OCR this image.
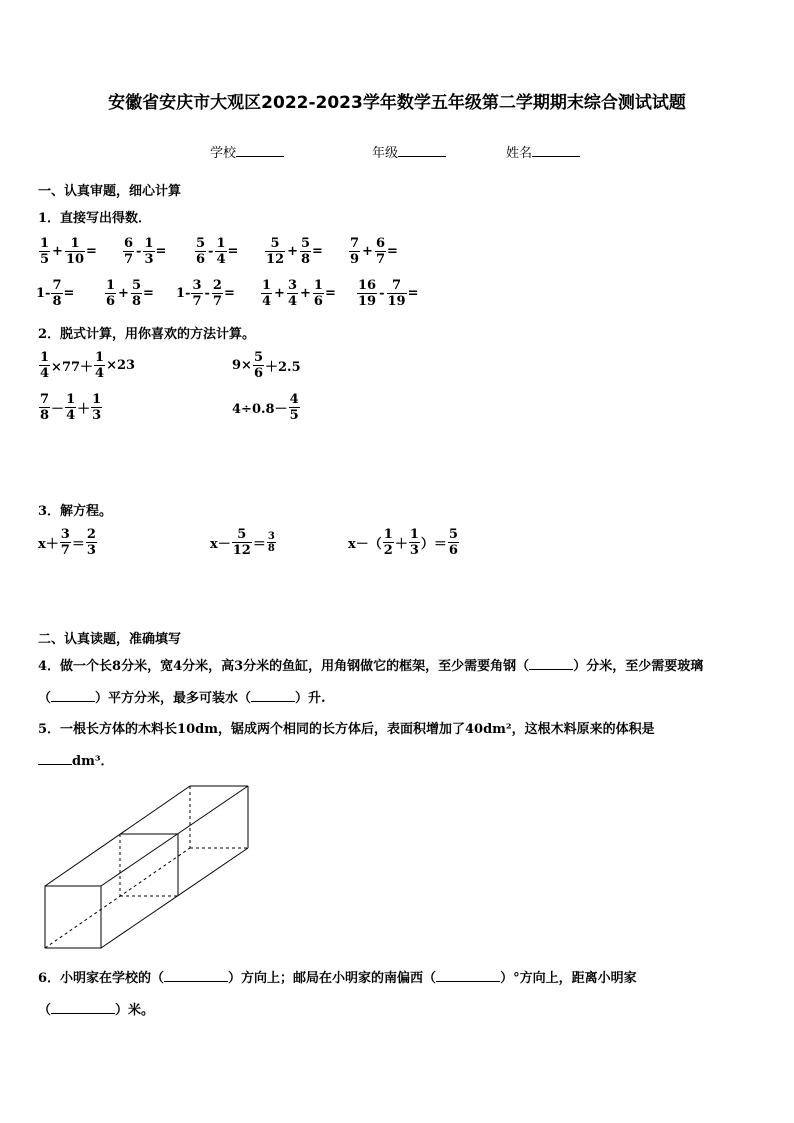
安徽省安庆市大观区2022-2023学年数学五年级第二学期期末综合测试试题
学校	年级	姓名
一、认真审题，细心计算
1．直接写出得数．
$\frac{1}{5} + \frac{1}{10} = \frac{6}{7} - \frac{1}{3} = \frac{5}{6} - \frac{1}{4} = \frac{5}{12} + \frac{5}{8} = \frac{7}{9} + \frac{6}{7}$ =
$1- \frac{7}{8} = \frac{1}{6} + \frac{5}{8} = 1- \frac{3}{7} - \frac{2}{7} = \frac{1}{4} + \frac{3}{4} + \frac{1}{6} = \frac{16}{19} - \frac{7}{19}$ =
2．脱式计算，用你喜欢的方法计算。
$\frac{1}{4} \times 77+ \frac{1}{4} \times 23$	$9\times \frac{5}{6} +2.5$
$\frac{7}{8} - \frac{1}{4} + \frac{1}{3}$	$4\div 0.8- \frac{4}{5}$
3．解方程。
$x+ \frac{3}{7} = \frac{2}{3}$	$x- \frac{5}{12} = \frac{3}{8}$	$x-( \frac{1}{2} + \frac{1}{3}$ ）＝ $\frac{5}{6}$
二、认真读题，准确填写
4．做一个长8分米，宽4分米，高3分米的鱼缸，用角钢做它的框架，至少需要角钢（	）分米，至少需要玻璃
（	）平方分米，最多可装水（	）升.
5．一根长方体的木料长10dm，锯成两个相同的长方体后，表面积增加了40dm²，这根木料原来的体积是
dm³．
6．小明家在学校的（	）方向上；邮局在小明家的南偏西（	）°方向上，距离小明家
（	）米。
